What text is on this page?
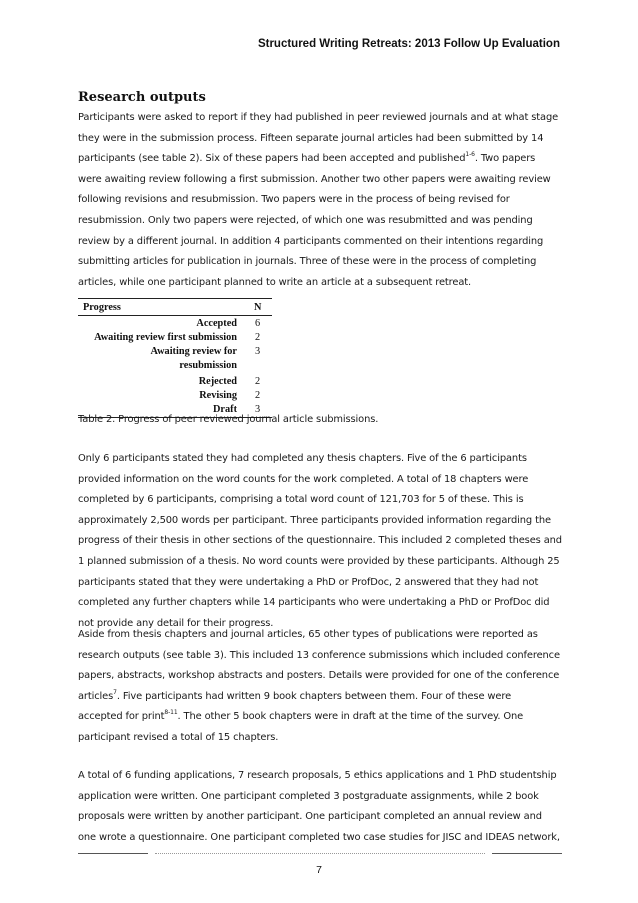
Structured Writing Retreats: 2013 Follow Up Evaluation
Research outputs

Participants were asked to report if they had published in peer reviewed journals and at what stage
they were in the submission process. Fifteen separate journal articles had been submitted by 14
participants (see table 2). Six of these papers had been accepted and published$^{1-6}$. Two papers
were awaiting review following a first submission. Another two other papers were awaiting review
following revisions and resubmission. Two papers were in the process of being revised for
resubmission. Only two papers were rejected, of which one was resubmitted and was pending
review by a different journal. In addition 4 participants commented on their intentions regarding
submitting articles for publication in journals. Three of these were in the process of completing
articles, while one participant planned to write an article at a subsequent retreat.

Progress	N
Accepted 6
Awaiting review first submission 2
Awaiting review for 3
resubmission
Rejected 2
Revising 2
Draft 3
Table 2. Progress of peer reviewed journal article submissions.

Only 6 participants stated they had completed any thesis chapters. Five of the 6 participants
provided information on the word counts for the work completed. A total of 18 chapters were
completed by 6 participants, comprising a total word count of 121,703 for 5 of these. This is
approximately 2,500 words per participant. Three participants provided information regarding the
progress of their thesis in other sections of the questionnaire. This included 2 completed theses and
1 planned submission of a thesis. No word counts were provided by these participants. Although 25
participants stated that they were undertaking a PhD or ProfDoc, 2 answered that they had not
completed any further chapters while 14 participants who were undertaking a PhD or ProfDoc did
not provide any detail for their progress.

Aside from thesis chapters and journal articles, 65 other types of publications were reported as
research outputs (see table 3). This included 13 conference submissions which included conference
papers, abstracts, workshop abstracts and posters. Details were provided for one of the conference
articles$^7$. Five participants had written 9 book chapters between them. Four of these were
accepted for print$^{8-11}$. The other 5 book chapters were in draft at the time of the survey. One
participant revised a total of 15 chapters.

A total of 6 funding applications, 7 research proposals, 5 ethics applications and 1 PhD studentship
application were written. One participant completed 3 postgraduate assignments, while 2 book
proposals were written by another participant. One participant completed an annual review and
one wrote a questionnaire. One participant completed two case studies for JISC and IDEAS network,

7
